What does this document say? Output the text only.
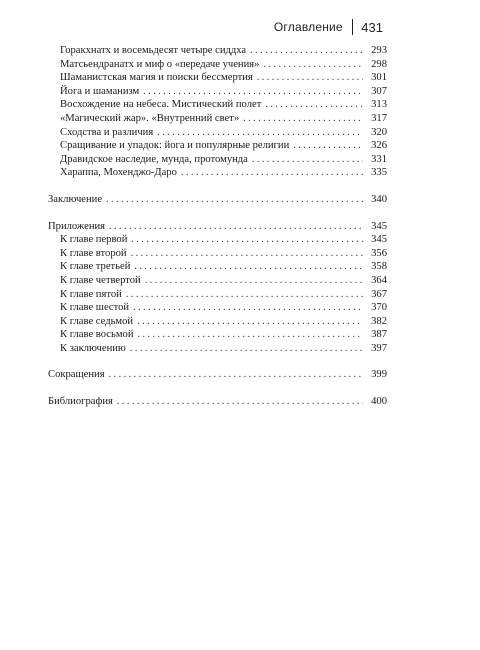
Оглавление 431
Горакхнатх и восемьдесят четыре сиддха . . .	293
Матсьендранатх и миф о «передаче учения» . . .	298
Шаманистская магия и поиски бессмертия . . .	301
Йога и шаманизм . . .	307
Восхождение на небеса. Мистический полет . . .	313
«Магический жар». «Внутренний свет» . . .	317
Сходства и различия . . .	320
Сращивание и упадок: йога и популярные религии . . .	326
Дравидское наследие, мунда, протомунда . . .	331
Хараппа, Мохенджо-Даро . . .	335
Заключение . . .	340
Приложения . . .	345
К главе первой . . .	345
К главе второй . . .	356
К главе третьей . . .	358
К главе четвертой . . .	364
К главе пятой . . .	367
К главе шестой . . .	370
К главе седьмой . . .	382
К главе восьмой . . .	387
К заключению . . .	397
Сокращения . . .	399
Библиография . . .	400
